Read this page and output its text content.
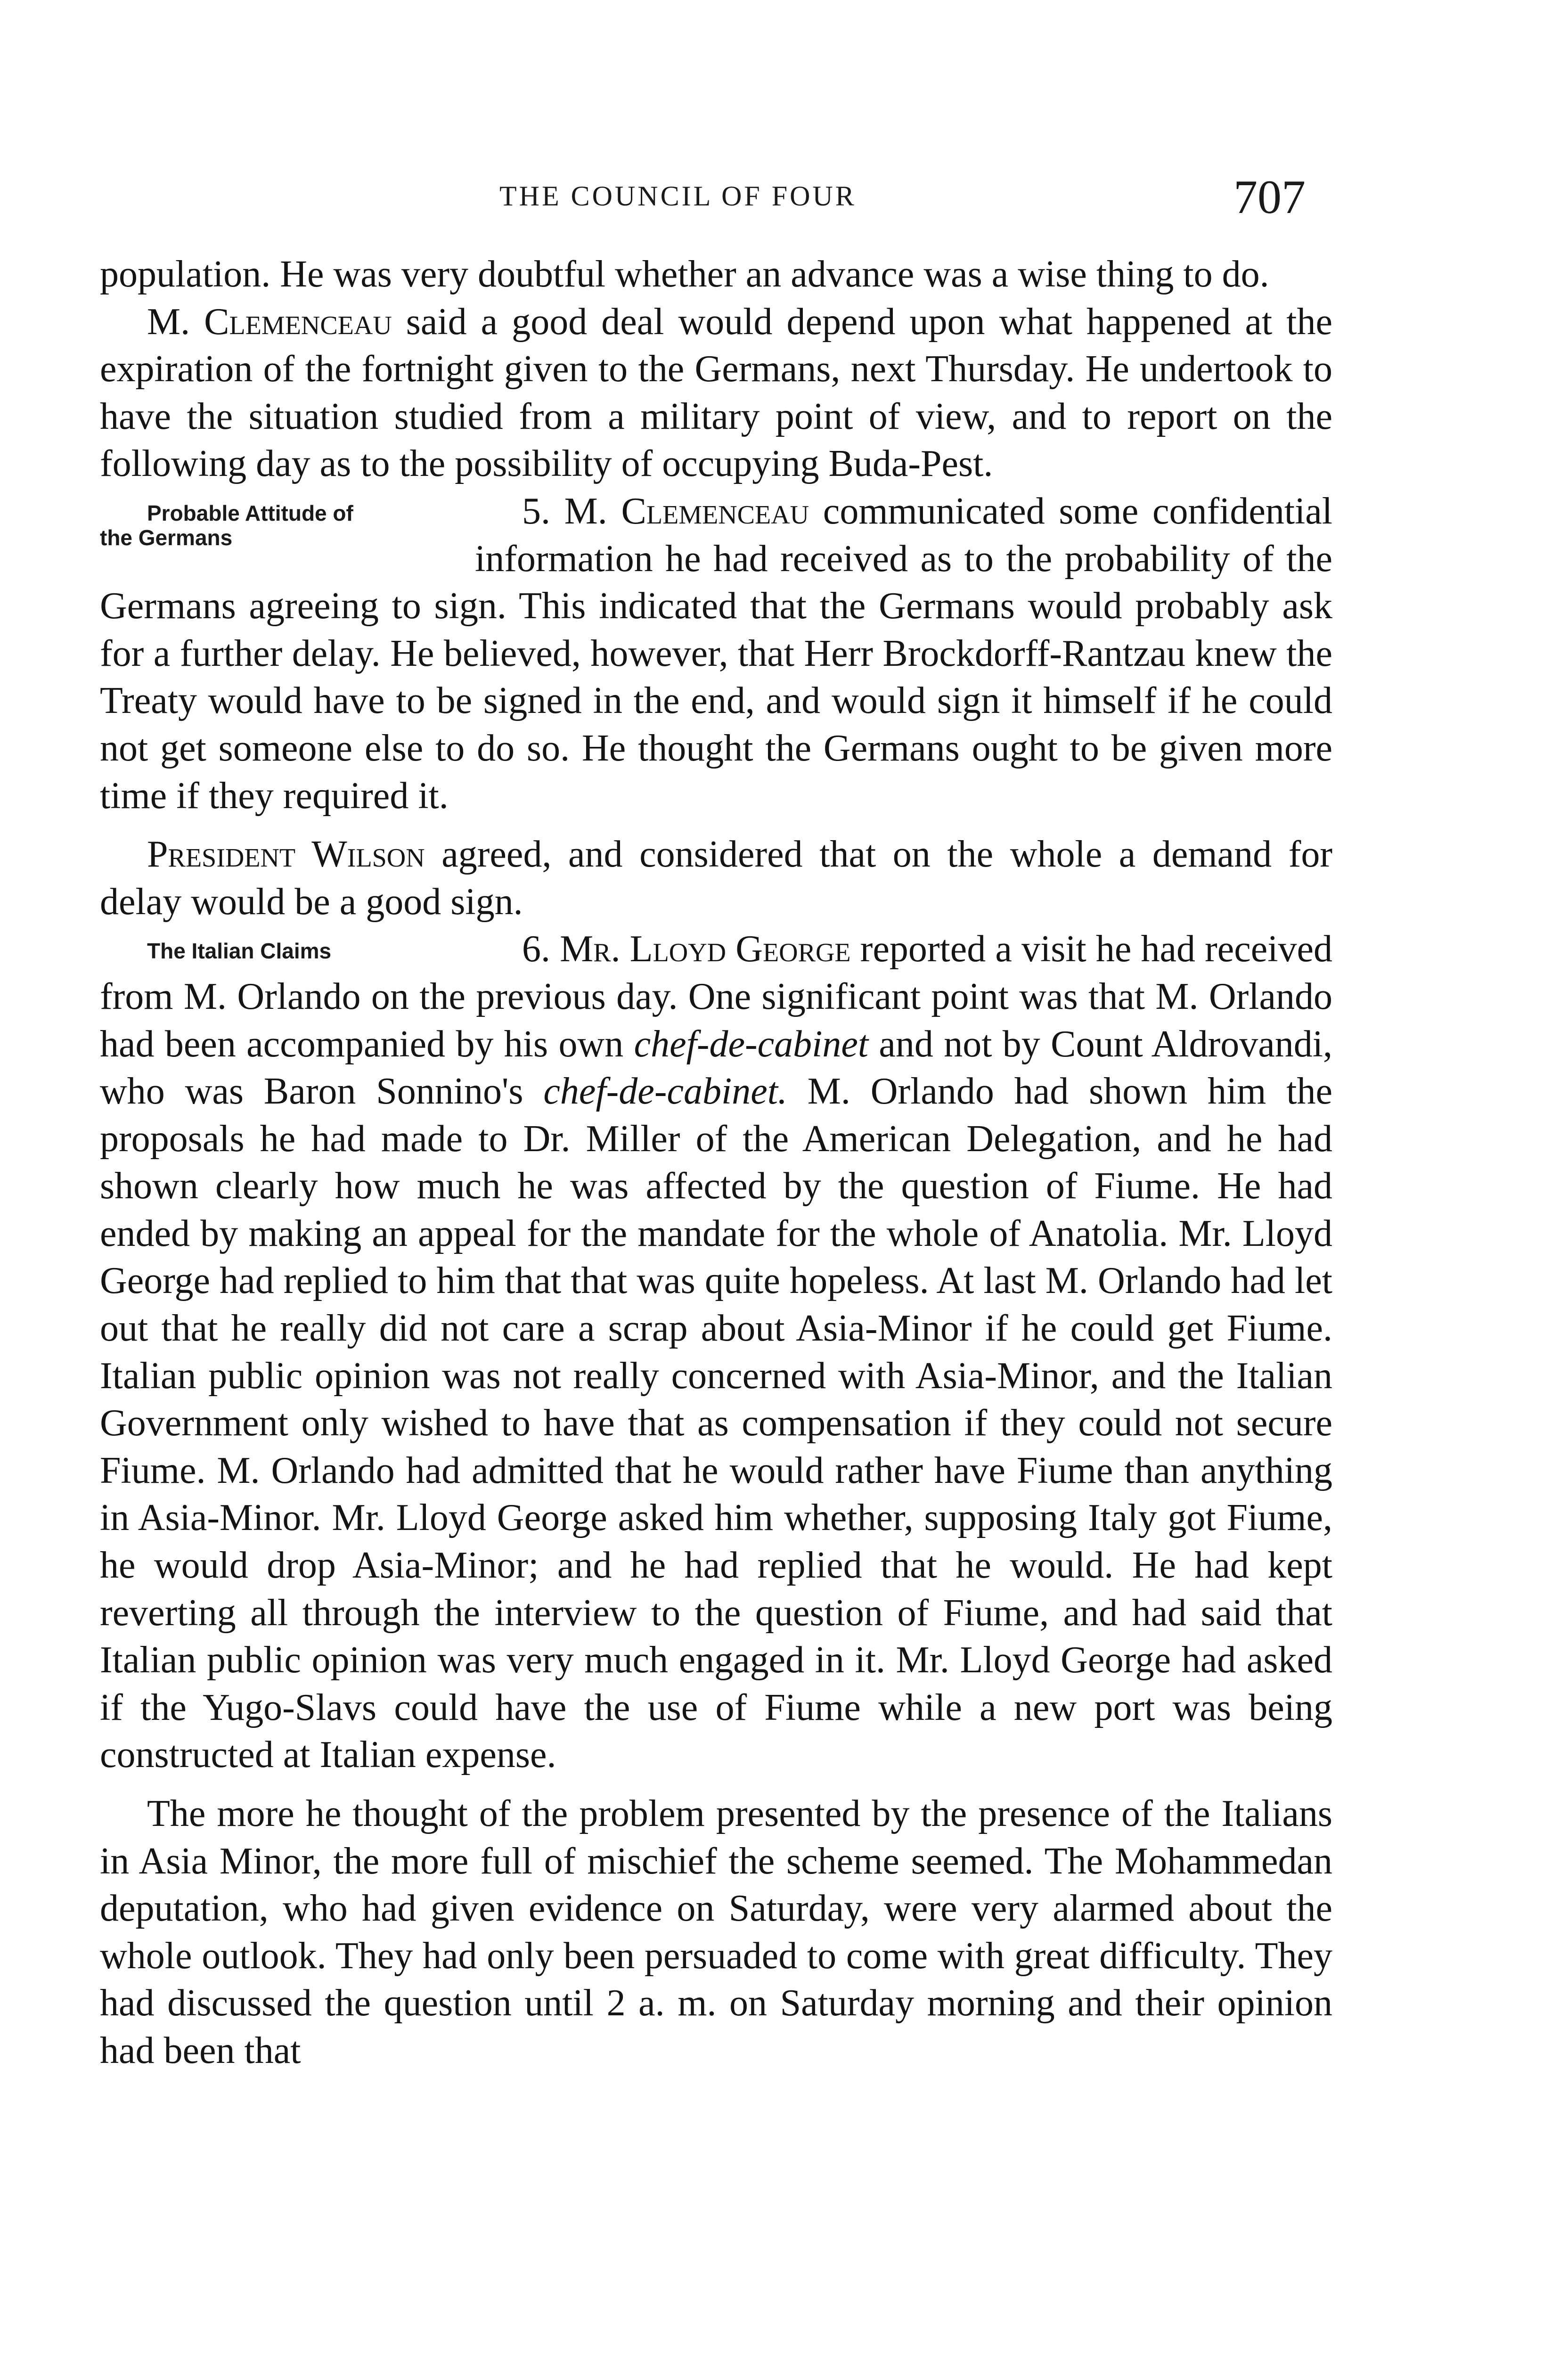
THE COUNCIL OF FOUR	707

population. He was very doubtful whether an advance was a wise thing to do.

M. Clemenceau said a good deal would depend upon what happened at the expiration of the fortnight given to the Germans, next Thursday. He undertook to have the situation studied from a military point of view, and to report on the following day as to the possibility of occupying Buda-Pest.

Probable Attitude of the Germans
5. M. Clemenceau communicated some confidential information he had received as to the probability of the Germans agreeing to sign. This indicated that the Germans would probably ask for a further delay. He believed, however, that Herr Brockdorff-Rantzau knew the Treaty would have to be signed in the end, and would sign it himself if he could not get someone else to do so. He thought the Germans ought to be given more time if they required it.

President Wilson agreed, and considered that on the whole a demand for delay would be a good sign.

The Italian Claims	6. Mr. Lloyd George reported a visit he had received from M. Orlando on the previous day. One significant point was that M. Orlando had been accompanied by his own chef-de-cabinet and not by Count Aldrovandi, who was Baron Sonnino's chef-de-cabinet. M. Orlando had shown him the proposals he had made to Dr. Miller of the American Delegation, and he had shown clearly how much he was affected by the question of Fiume. He had ended by making an appeal for the mandate for the whole of Anatolia. Mr. Lloyd George had replied to him that that was quite hopeless. At last M. Orlando had let out that he really did not care a scrap about Asia-Minor if he could get Fiume. Italian public opinion was not really concerned with Asia-Minor, and the Italian Government only wished to have that as compensation if they could not secure Fiume. M. Orlando had admitted that he would rather have Fiume than anything in Asia-Minor. Mr. Lloyd George asked him whether, supposing Italy got Fiume, he would drop Asia-Minor; and he had replied that he would. He had kept reverting all through the interview to the question of Fiume, and had said that Italian public opinion was very much engaged in it. Mr. Lloyd George had asked if the Yugo-Slavs could have the use of Fiume while a new port was being constructed at Italian expense.

The more he thought of the problem presented by the presence of the Italians in Asia Minor, the more full of mischief the scheme seemed. The Mohammedan deputation, who had given evidence on Saturday, were very alarmed about the whole outlook. They had only been persuaded to come with great difficulty. They had discussed the question until 2 a. m. on Saturday morning and their opinion had been that
